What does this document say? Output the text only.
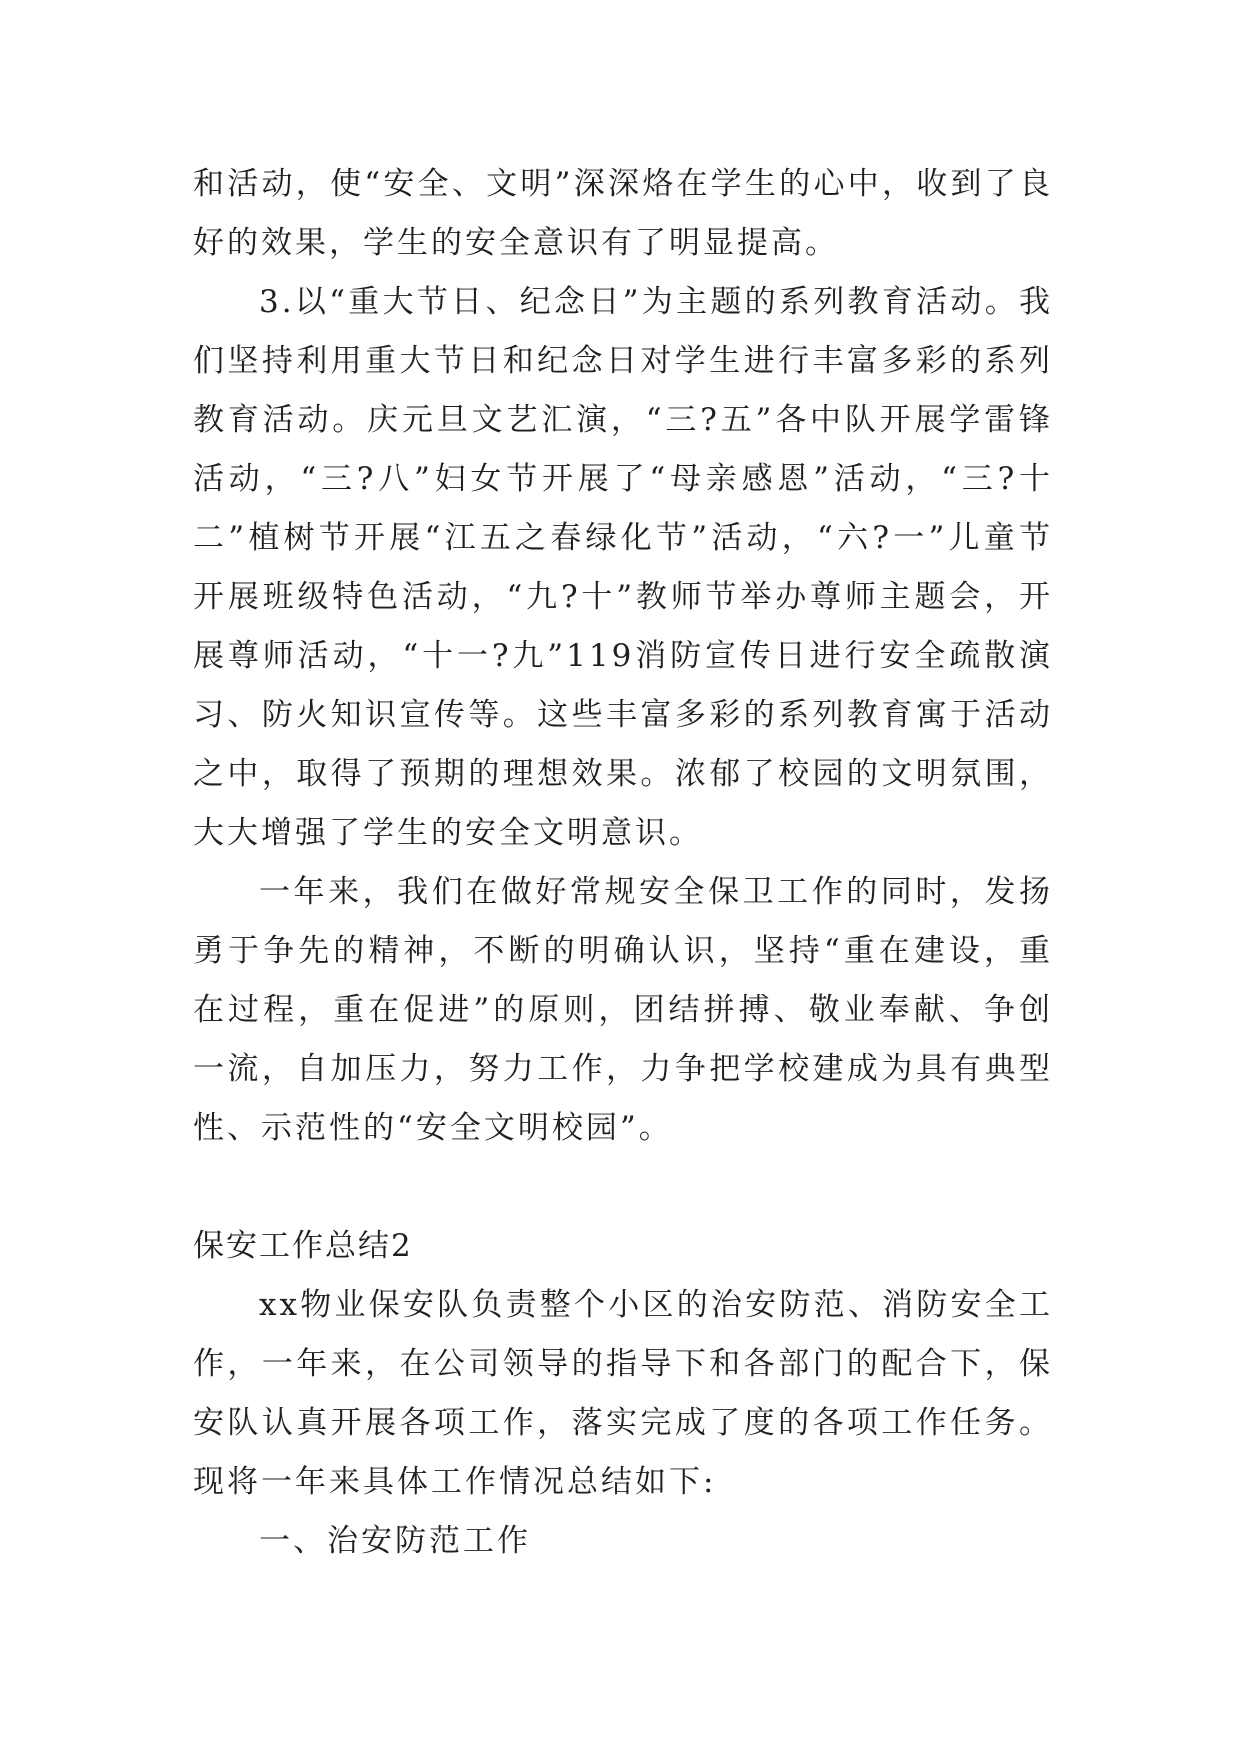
和活动，使“安全、文明”深深烙在学生的心中，收到了良好的效果，学生的安全意识有了明显提高。

3.以“重大节日、纪念日”为主题的系列教育活动。我们坚持利用重大节日和纪念日对学生进行丰富多彩的系列教育活动。庆元旦文艺汇演，“三?五”各中队开展学雷锋活动，“三?八”妇女节开展了“母亲感恩”活动，“三?十二”植树节开展“江五之春绿化节”活动，“六?一”儿童节开展班级特色活动，“九?十”教师节举办尊师主题会，开展尊师活动，“十一?九”119消防宣传日进行安全疏散演习、防火知识宣传等。这些丰富多彩的系列教育寓于活动之中，取得了预期的理想效果。浓郁了校园的文明氛围，大大增强了学生的安全文明意识。

一年来，我们在做好常规安全保卫工作的同时，发扬勇于争先的精神，不断的明确认识，坚持“重在建设，重在过程，重在促进”的原则，团结拼搏、敬业奉献、争创一流，自加压力，努力工作，力争把学校建成为具有典型性、示范性的“安全文明校园”。

保安工作总结2

xx物业保安队负责整个小区的治安防范、消防安全工作，一年来，在公司领导的指导下和各部门的配合下，保安队认真开展各项工作，落实完成了度的各项工作任务。现将一年来具体工作情况总结如下:

一、治安防范工作
